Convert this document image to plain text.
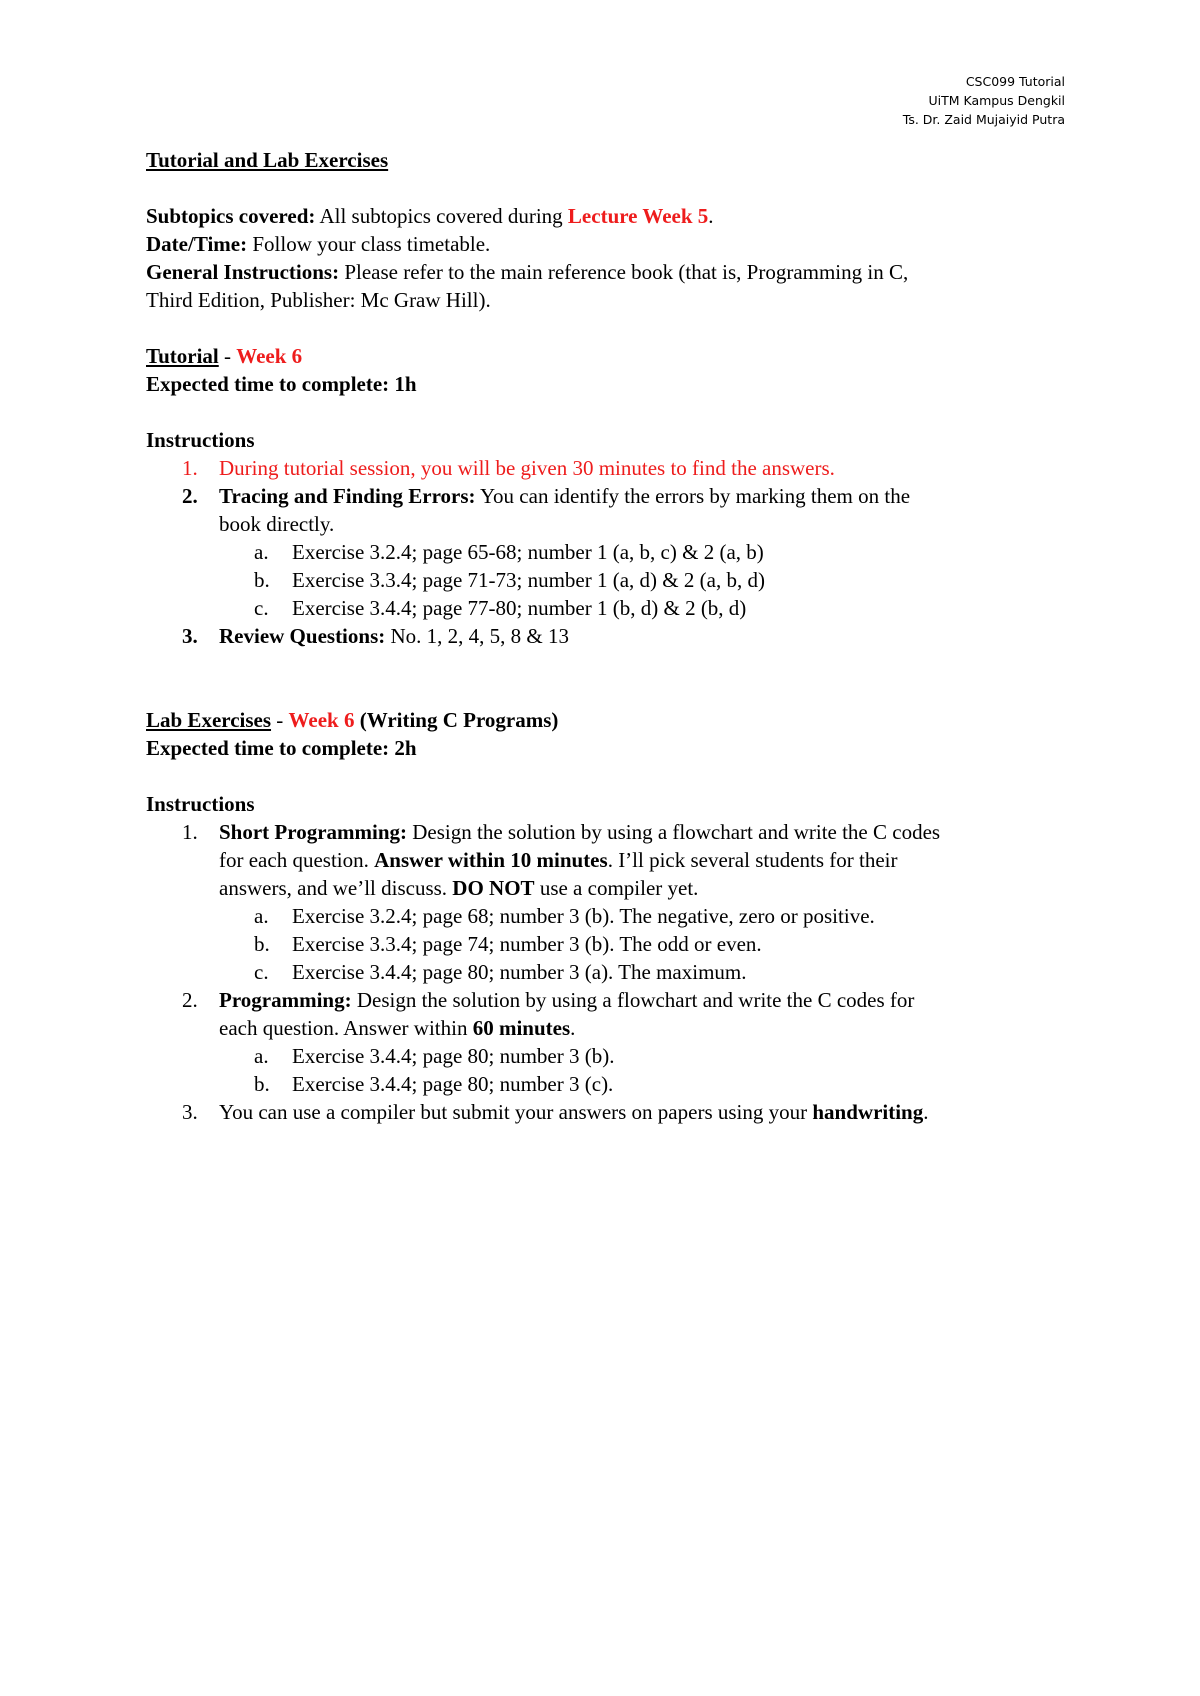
CSC099 Tutorial
UiTM Kampus Dengkil
Ts. Dr. Zaid Mujaiyid Putra
Tutorial and Lab Exercises
Subtopics covered: All subtopics covered during Lecture Week 5.
Date/Time: Follow your class timetable.
General Instructions: Please refer to the main reference book (that is, Programming in C,
Third Edition, Publisher: Mc Graw Hill).
Tutorial - Week 6
Expected time to complete: 1h
Instructions
1. During tutorial session, you will be given 30 minutes to find the answers.
2. Tracing and Finding Errors: You can identify the errors by marking them on the
book directly.
a. Exercise 3.2.4; page 65-68; number 1 (a, b, c) & 2 (a, b)
b. Exercise 3.3.4; page 71-73; number 1 (a, d) & 2 (a, b, d)
c. Exercise 3.4.4; page 77-80; number 1 (b, d) & 2 (b, d)
3. Review Questions: No. 1, 2, 4, 5, 8 & 13
Lab Exercises - Week 6 (Writing C Programs)
Expected time to complete: 2h
Instructions
1. Short Programming: Design the solution by using a flowchart and write the C codes
for each question. Answer within 10 minutes. I’ll pick several students for their
answers, and we’ll discuss. DO NOT use a compiler yet.
a. Exercise 3.2.4; page 68; number 3 (b). The negative, zero or positive.
b. Exercise 3.3.4; page 74; number 3 (b). The odd or even.
c. Exercise 3.4.4; page 80; number 3 (a). The maximum.
2. Programming: Design the solution by using a flowchart and write the C codes for
each question. Answer within 60 minutes.
a. Exercise 3.4.4; page 80; number 3 (b).
b. Exercise 3.4.4; page 80; number 3 (c).
3. You can use a compiler but submit your answers on papers using your handwriting.
